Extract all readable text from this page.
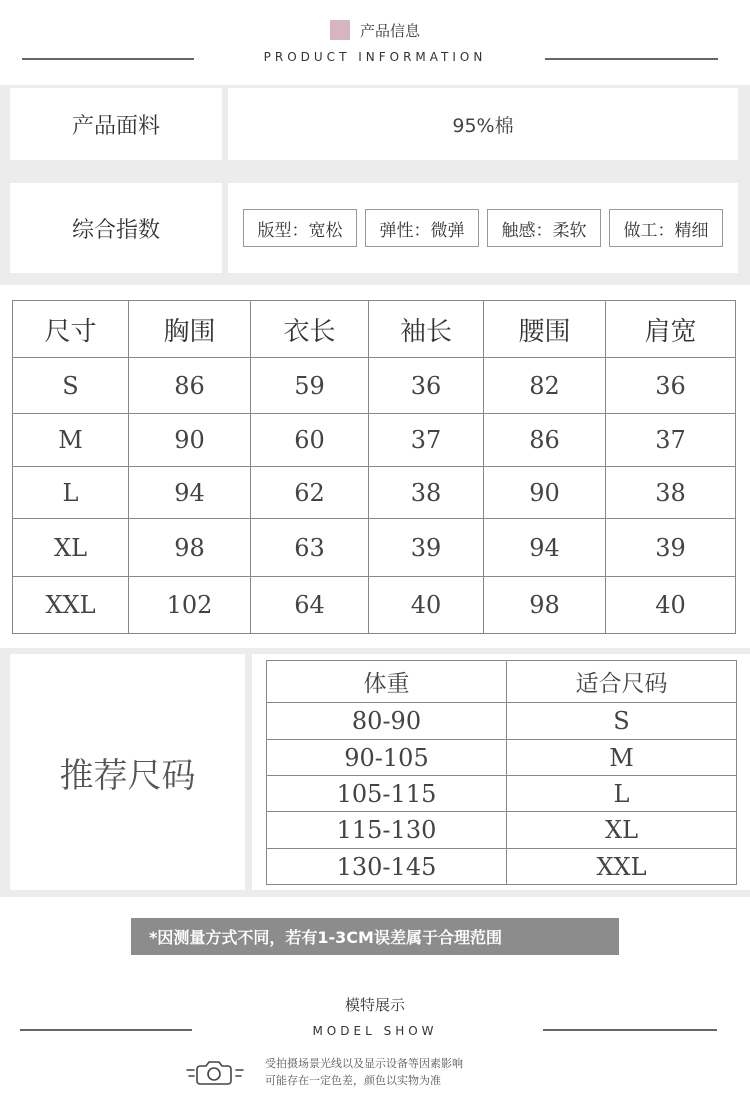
产品信息
PRODUCT INFORMATION
产品面料	95%棉
综合指数	版型：宽松	弹性：微弹	触感：柔软	做工：精细
尺寸	胸围	衣长	袖长	腰围	肩宽
S	86	59	36	82	36
M	90	60	37	86	37
L	94	62	38	90	38
XL	98	63	39	94	39
XXL	102	64	40	98	40
推荐尺码
体重	适合尺码
80-90	S
90-105	M
105-115	L
115-130	XL
130-145	XXL
*因测量方式不同，若有1-3CM误差属于合理范围
模特展示
MODEL SHOW
受拍摄场景光线以及显示设备等因素影响
可能存在一定色差，颜色以实物为准
